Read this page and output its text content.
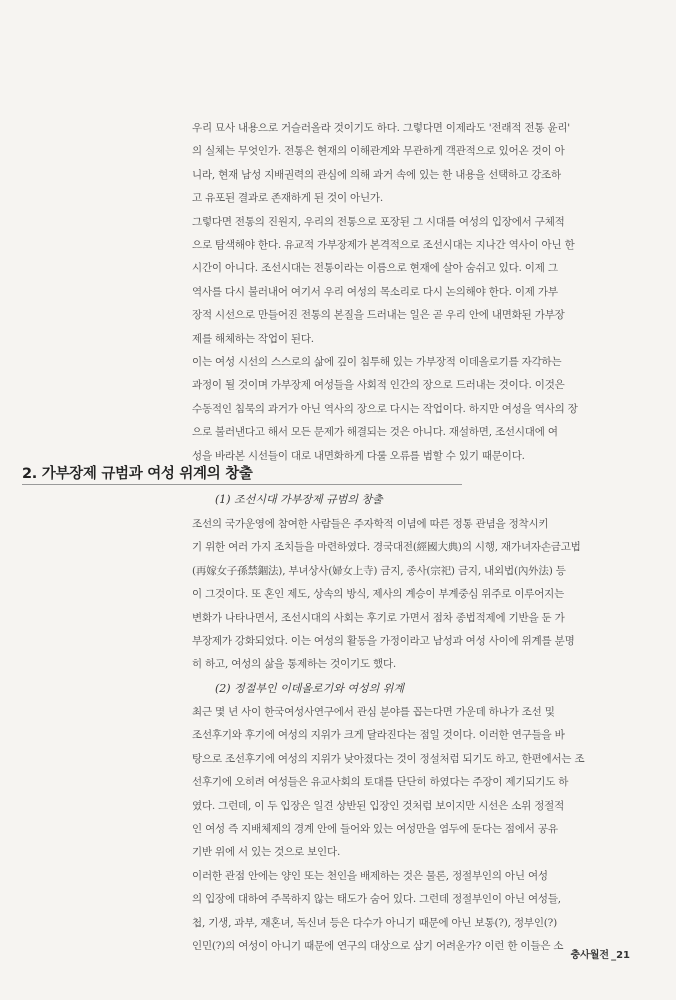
우리 묘사 내용으로 거슬러올라 것이기도 하다. 그렇다면 이제라도 '전래적 전통 윤리'

의 실체는 무엇인가. 전통은 현재의 이해관계와 무관하게 객관적으로 있어온 것이 아

니라, 현재 남성 지배권력의 관심에 의해 과거 속에 있는 한 내용을 선택하고 강조하

고 유포된 결과로 존재하게 된 것이 아닌가.

그렇다면 전통의 진원지, 우리의 전통으로 포장된 그 시대를 여성의 입장에서 구체적

으로 탐색해야 한다. 유교적 가부장제가 본격적으로 조선시대는 지나간 역사이 아닌 한

시간이 아니다. 조선시대는 전통이라는 이름으로 현재에 살아 숨쉬고 있다. 이제 그

역사를 다시 불러내어 여기서 우리 여성의 목소리로 다시 논의해야 한다. 이제 가부

장적 시선으로 만들어진 전통의 본질을 드러내는 일은 곧 우리 안에 내면화된 가부장

제를 해체하는 작업이 된다.

이는 여성 시선의 스스로의 삶에 깊이 침투해 있는 가부장적 이데올로기를 자각하는

과정이 될 것이며 가부장제 여성들을 사회적 인간의 장으로 드러내는 것이다. 이것은

수동적인 침묵의 과거가 아닌 역사의 장으로 다시는 작업이다. 하지만 여성을 역사의 장

으로 불러낸다고 해서 모든 문제가 해결되는 것은 아니다. 재설하면, 조선시대에 여

성을 바라본 시선들이 대로 내면화하게 다룰 오류를 범할 수 있기 때문이다.

2. 가부장제 규범과 여성 위계의 창출
(1) 조선시대 가부장제 규범의 창출

조선의 국가운영에 참여한 사람들은 주자학적 이념에 따른 정통 관념을 정착시키

기 위한 여러 가지 조치들을 마련하였다. 경국대전(經國大典)의 시행, 재가녀자손금고법

(再嫁女子孫禁錮法), 부녀상사(婦女上寺) 금지, 종사(宗祀) 금지, 내외법(內外法) 등

이 그것이다. 또 혼인 제도, 상속의 방식, 제사의 계승이 부계중심 위주로 이루어지는

변화가 나타나면서, 조선시대의 사회는 후기로 가면서 점차 종법적제에 기반을 둔 가

부장제가 강화되었다. 이는 여성의 활동을 가정이라고 남성과 여성 사이에 위계를 분명

히 하고, 여성의 삶을 통제하는 것이기도 했다.

(2) 정절부인 이데올로기와 여성의 위계

최근 몇 년 사이 한국여성사연구에서 관심 분야를 꼽는다면 가운데 하나가 조선 및

조선후기와 후기에 여성의 지위가 크게 달라진다는 점일 것이다. 이러한 연구들을 바

탕으로 조선후기에 여성의 지위가 낮아졌다는 것이 정설처럼 되기도 하고, 한편에서는 조

선후기에 오히려 여성들은 유교사회의 토대를 단단히 하였다는 주장이 제기되기도 하

였다. 그런데, 이 두 입장은 일견 상반된 입장인 것처럼 보이지만 시선은 소위 정절적

인 여성 즉 지배체제의 경계 안에 들어와 있는 여성만을 염두에 둔다는 점에서 공유

기반 위에 서 있는 것으로 보인다.

이러한 관점 안에는 양인 또는 천인을 배제하는 것은 물론, 정절부인의 아닌 여성

의 입장에 대하여 주목하지 않는 태도가 숨어 있다. 그런데 정절부인이 아닌 여성들,

첩, 기생, 과부, 재혼녀, 독신녀 등은 다수가 아니기 때문에 아닌 보통(?), 정부인(?)

인민(?)의 여성이 아니기 때문에 연구의 대상으로 삼기 어려운가? 이런 한 이들은 소

충사월전 _21
